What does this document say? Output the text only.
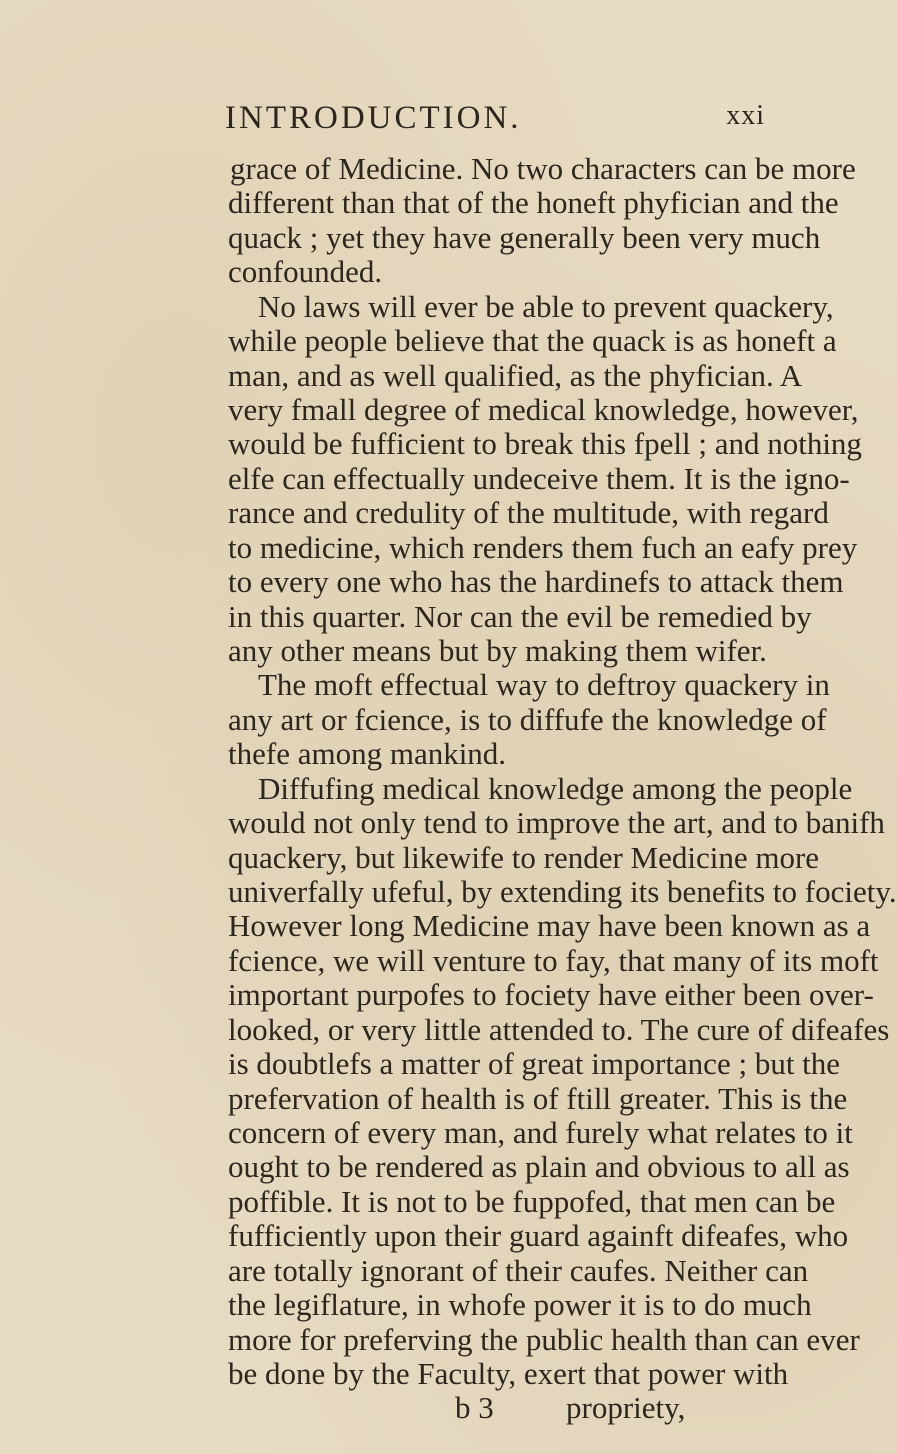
INTRODUCTION.	xxi
grace of Medicine. No two characters can be more
different than that of the honeft phyfician and the
quack ; yet they have generally been very much
confounded.
No laws will ever be able to prevent quackery,
while people believe that the quack is as honeft a
man, and as well qualified, as the phyfician. A
very fmall degree of medical knowledge, however,
would be fufficient to break this fpell ; and nothing
elfe can effectually undeceive them. It is the igno-
rance and credulity of the multitude, with regard
to medicine, which renders them fuch an eafy prey
to every one who has the hardinefs to attack them
in this quarter. Nor can the evil be remedied by
any other means but by making them wifer.
The moft effectual way to deftroy quackery in
any art or fcience, is to diffufe the knowledge of
thefe among mankind.
Diffufing medical knowledge among the people
would not only tend to improve the art, and to banifh
quackery, but likewife to render Medicine more
univerfally ufeful, by extending its benefits to fociety.
However long Medicine may have been known as a
fcience, we will venture to fay, that many of its moft
important purpofes to fociety have either been over-
looked, or very little attended to. The cure of difeafes
is doubtlefs a matter of great importance ; but the
prefervation of health is of ftill greater. This is the
concern of every man, and furely what relates to it
ought to be rendered as plain and obvious to all as
poffible. It is not to be fuppofed, that men can be
fufficiently upon their guard againft difeafes, who
are totally ignorant of their caufes. Neither can
the legiflature, in whofe power it is to do much
more for preferving the public health than can ever
be done by the Faculty, exert that power with
b 3 propriety,
